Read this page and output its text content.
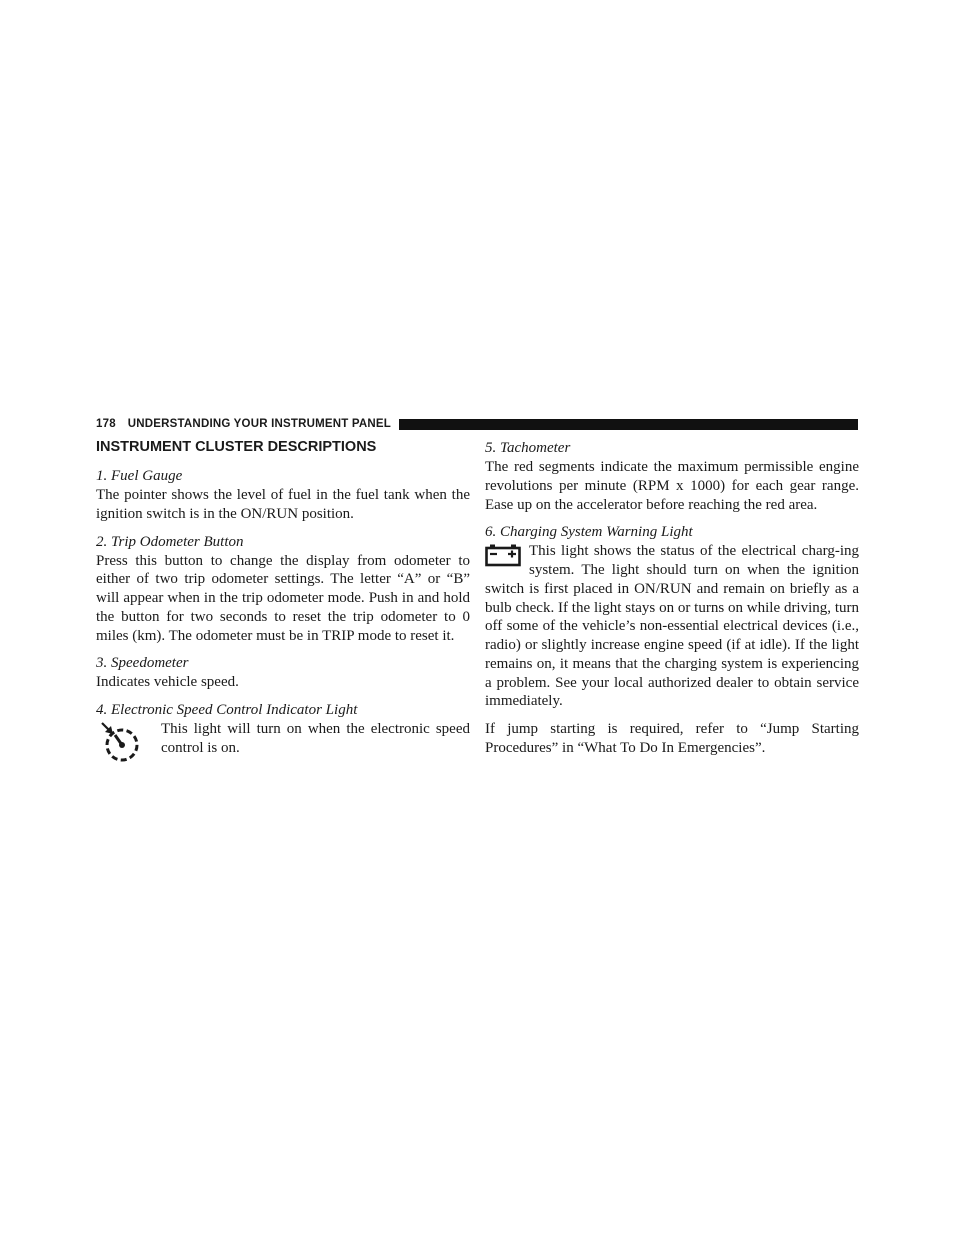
178 UNDERSTANDING YOUR INSTRUMENT PANEL
INSTRUMENT CLUSTER DESCRIPTIONS
1. Fuel Gauge

The pointer shows the level of fuel in the fuel tank when the ignition switch is in the ON/RUN position.

2. Trip Odometer Button

Press this button to change the display from odometer to either of two trip odometer settings. The letter “A” or “B” will appear when in the trip odometer mode. Push in and hold the button for two seconds to reset the trip odometer to 0 miles (km). The odometer must be in TRIP mode to reset it.

3. Speedometer

Indicates vehicle speed.

4. Electronic Speed Control Indicator Light

This light will turn on when the electronic speed control is on.

5. Tachometer

The red segments indicate the maximum permissible engine revolutions per minute (RPM x 1000) for each gear range. Ease up on the accelerator before reaching the red area.

6. Charging System Warning Light

This light shows the status of the electrical charg-ing system. The light should turn on when the ignition switch is first placed in ON/RUN and remain on briefly as a bulb check. If the light stays on or turns on while driving, turn off some of the vehicle’s non-essential electrical devices (i.e., radio) or slightly increase engine speed (if at idle). If the light remains on, it means that the charging system is experiencing a problem. See your local authorized dealer to obtain service immediately.

If jump starting is required, refer to “Jump Starting Procedures” in “What To Do In Emergencies”.
